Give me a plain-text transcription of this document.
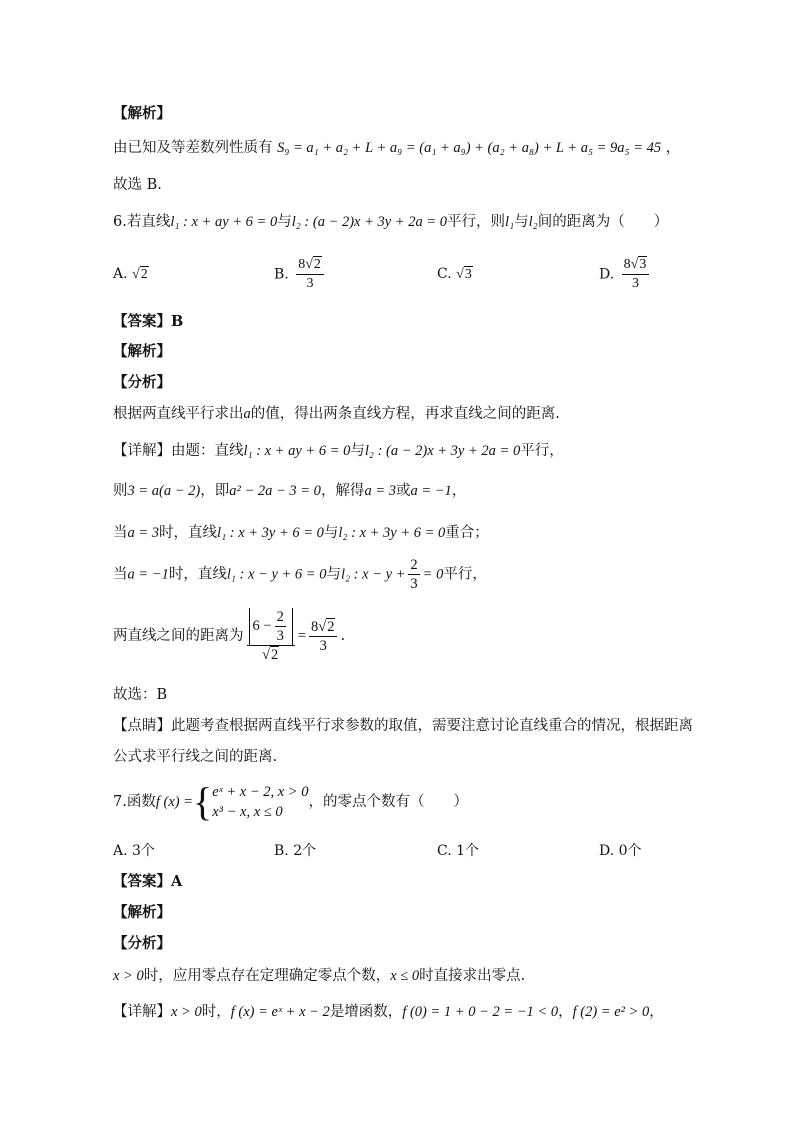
【解析】
由已知及等差数列性质有 S₉ = a₁ + a₂ + L + a₉ = (a₁ + a₉) + (a₂ + a₈) + L + a₅ = 9a₅ = 45 ，
故选 B.
6.若直线l₁ : x + ay + 6 = 0与l₂ : (a − 2)x + 3y + 2a = 0平行，则l₁与l₂间的距离为（　　）
A. √2	B. $\frac{8√2}{3}$	C. √3	D. $\frac{8√3}{3}$
【答案】B
【解析】
【分析】
根据两直线平行求出a的值，得出两条直线方程，再求直线之间的距离.
【详解】由题：直线l₁ : x + ay + 6 = 0与l₂ : (a − 2)x + 3y + 2a = 0平行，
则3 = a(a − 2)，即a² − 2a − 3 = 0，解得a = 3或a = −1，
当a = 3时，直线l₁ : x + 3y + 6 = 0与l₂ : x + 3y + 6 = 0重合；
当a = −1时，直线l₁ : x − y + 6 = 0与l₂ : $x - y + \frac{2}{3} = 0$平行，
两直线之间的距离为 $\frac{6 - \frac{2}{3}}{√2} = \frac{8√2}{3}$ .
故选：B
【点睛】此题考查根据两直线平行求参数的取值，需要注意讨论直线重合的情况，根据距离
公式求平行线之间的距离.
7.函数f (x) ={ eˣ + x − 2, x > 0
x³ − x, x ≤ 0
，的零点个数有（　　）
A. 3个	B. 2个	C. 1个	D. 0个
【答案】A
【解析】
【分析】
x > 0时，应用零点存在定理确定零点个数，x ≤ 0时直接求出零点.
【详解】x > 0时，f (x) = eˣ + x − 2是增函数，f (0) = 1 + 0 − 2 = −1 < 0，f (2) = e² > 0，
